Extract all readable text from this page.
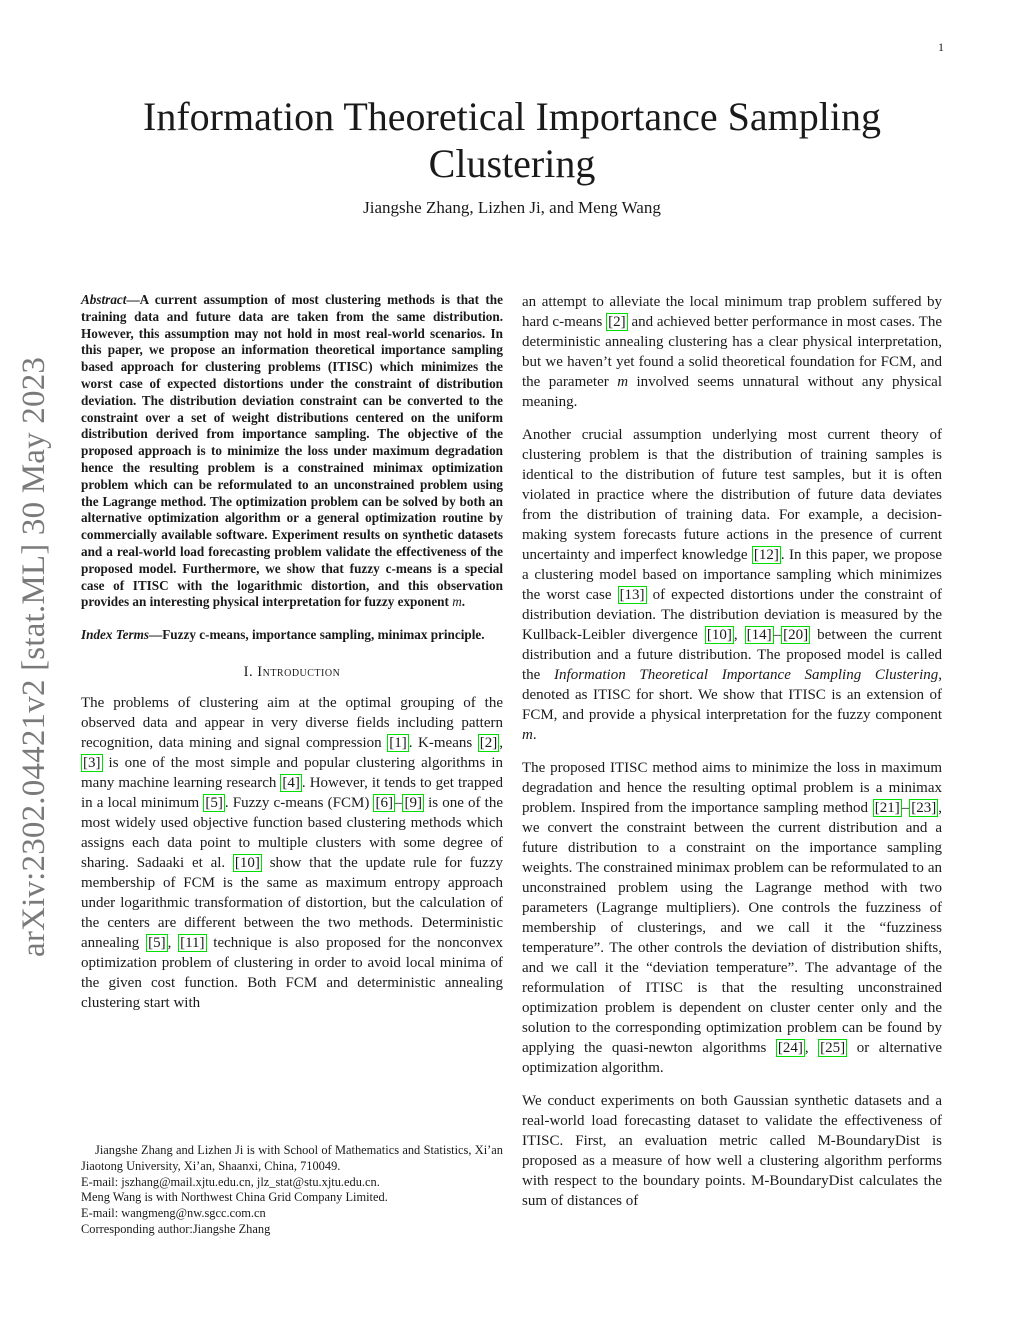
1
arXiv:2302.04421v2 [stat.ML] 30 May 2023
Information Theoretical Importance Sampling Clustering
Jiangshe Zhang, Lizhen Ji, and Meng Wang

Abstract—A current assumption of most clustering methods is that the training data and future data are taken from the same distribution. However, this assumption may not hold in most real-world scenarios. In this paper, we propose an information theoretical importance sampling based approach for clustering problems (ITISC) which minimizes the worst case of expected distortions under the constraint of distribution deviation. The distribution deviation constraint can be converted to the constraint over a set of weight distributions centered on the uniform distribution derived from importance sampling. The objective of the proposed approach is to minimize the loss under maximum degradation hence the resulting problem is a constrained minimax optimization problem which can be reformulated to an unconstrained problem using the Lagrange method. The optimization problem can be solved by both an alternative optimization algorithm or a general optimization routine by commercially available software. Experiment results on synthetic datasets and a real-world load forecasting problem validate the effectiveness of the proposed model. Furthermore, we show that fuzzy c-means is a special case of ITISC with the logarithmic distortion, and this observation provides an interesting physical interpretation for fuzzy exponent m.

Index Terms—Fuzzy c-means, importance sampling, minimax principle.

I. Introduction

The problems of clustering aim at the optimal grouping of the observed data and appear in very diverse fields including pattern recognition, data mining and signal compression [1] . K-means [2] , [3] is one of the most simple and popular clustering algorithms in many machine learning research [4] . However, it tends to get trapped in a local minimum [5] . Fuzzy c-means (FCM) [6] – [9] is one of the most widely used objective function based clustering methods which assigns each data point to multiple clusters with some degree of sharing. Sadaaki et al. [10] show that the update rule for fuzzy membership of FCM is the same as maximum entropy approach under logarithmic transformation of distortion, but the calculation of the centers are different between the two methods. Deterministic annealing [5] , [11] technique is also proposed for the nonconvex optimization problem of clustering in order to avoid local minima of the given cost function. Both FCM and deterministic annealing clustering start with

Jiangshe Zhang and Lizhen Ji is with School of Mathematics and Statistics, Xi’an Jiaotong University, Xi’an, Shaanxi, China, 710049.
E-mail: jszhang@mail.xjtu.edu.cn, jlz_stat@stu.xjtu.edu.cn.
Meng Wang is with Northwest China Grid Company Limited.
E-mail: wangmeng@nw.sgcc.com.cn
Corresponding author:Jiangshe Zhang

an attempt to alleviate the local minimum trap problem suffered by hard c-means [2] and achieved better performance in most cases. The deterministic annealing clustering has a clear physical interpretation, but we haven’t yet found a solid theoretical foundation for FCM, and the parameter m involved seems unnatural without any physical meaning.

Another crucial assumption underlying most current theory of clustering problem is that the distribution of training samples is identical to the distribution of future test samples, but it is often violated in practice where the distribution of future data deviates from the distribution of training data. For example, a decision-making system forecasts future actions in the presence of current uncertainty and imperfect knowledge [12] . In this paper, we propose a clustering model based on importance sampling which minimizes the worst case [13] of expected distortions under the constraint of distribution deviation. The distribution deviation is measured by the Kullback-Leibler divergence [10] , [14] – [20] between the current distribution and a future distribution. The proposed model is called the Information Theoretical Importance Sampling Clustering, denoted as ITISC for short. We show that ITISC is an extension of FCM, and provide a physical interpretation for the fuzzy component m.

The proposed ITISC method aims to minimize the loss in maximum degradation and hence the resulting optimal problem is a minimax problem. Inspired from the importance sampling method [21] – [23] , we convert the constraint between the current distribution and a future distribution to a constraint on the importance sampling weights. The constrained minimax problem can be reformulated to an unconstrained problem using the Lagrange method with two parameters (Lagrange multipliers). One controls the fuzziness of membership of clusterings, and we call it the “fuzziness temperature”. The other controls the deviation of distribution shifts, and we call it the “deviation temperature”. The advantage of the reformulation of ITISC is that the resulting unconstrained optimization problem is dependent on cluster center only and the solution to the corresponding optimization problem can be found by applying the quasi-newton algorithms [24] , [25] or alternative optimization algorithm.

We conduct experiments on both Gaussian synthetic datasets and a real-world load forecasting dataset to validate the effectiveness of ITISC. First, an evaluation metric called M-BoundaryDist is proposed as a measure of how well a clustering algorithm performs with respect to the boundary points. M-BoundaryDist calculates the sum of distances of
